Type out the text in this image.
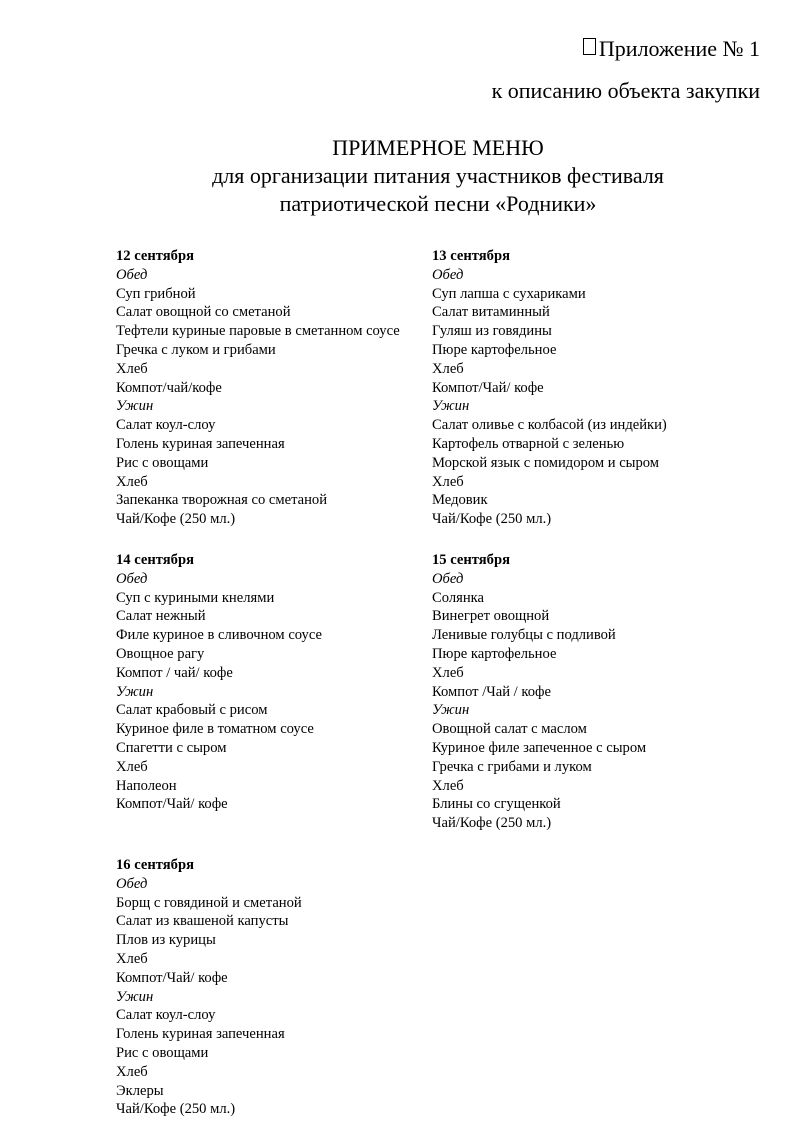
Приложение № 1
к описанию объекта закупки
ПРИМЕРНОЕ МЕНЮ
для организации питания участников фестиваля
патриотической песни «Родники»
12 сентября
Обед
Суп грибной
Салат овощной со сметаной
Тефтели куриные паровые в сметанном соусе
Гречка с луком и грибами
Хлеб
Компот/чай/кофе
Ужин
Салат коул-слоу
Голень куриная запеченная
Рис с овощами
Хлеб
Запеканка творожная со сметаной
Чай/Кофе (250 мл.)
13 сентября
Обед
Суп лапша с сухариками
Салат витаминный
Гуляш из говядины
Пюре картофельное
Хлеб
Компот/Чай/ кофе
Ужин
Салат оливье с колбасой (из индейки)
Картофель отварной с зеленью
Морской язык с помидором и сыром
Хлеб
Медовик
Чай/Кофе (250 мл.)
14 сентября
Обед
Суп с куриными кнелями
Салат нежный
Филе куриное в сливочном соусе
Овощное рагу
Компот / чай/ кофе
Ужин
Салат крабовый с рисом
Куриное филе в томатном соусе
Спагетти с сыром
Хлеб
Наполеон
Компот/Чай/ кофе
15 сентября
Обед
Солянка
Винегрет овощной
Ленивые голубцы с подливой
Пюре картофельное
Хлеб
Компот /Чай / кофе
Ужин
Овощной салат с маслом
Куриное филе запеченное с сыром
Гречка с грибами и луком
Хлеб
Блины со сгущенкой
Чай/Кофе (250 мл.)
16 сентября
Обед
Борщ с говядиной и сметаной
Салат из квашеной капусты
Плов из курицы
Хлеб
Компот/Чай/ кофе
Ужин
Салат коул-слоу
Голень куриная запеченная
Рис с овощами
Хлеб
Эклеры
Чай/Кофе (250 мл.)
